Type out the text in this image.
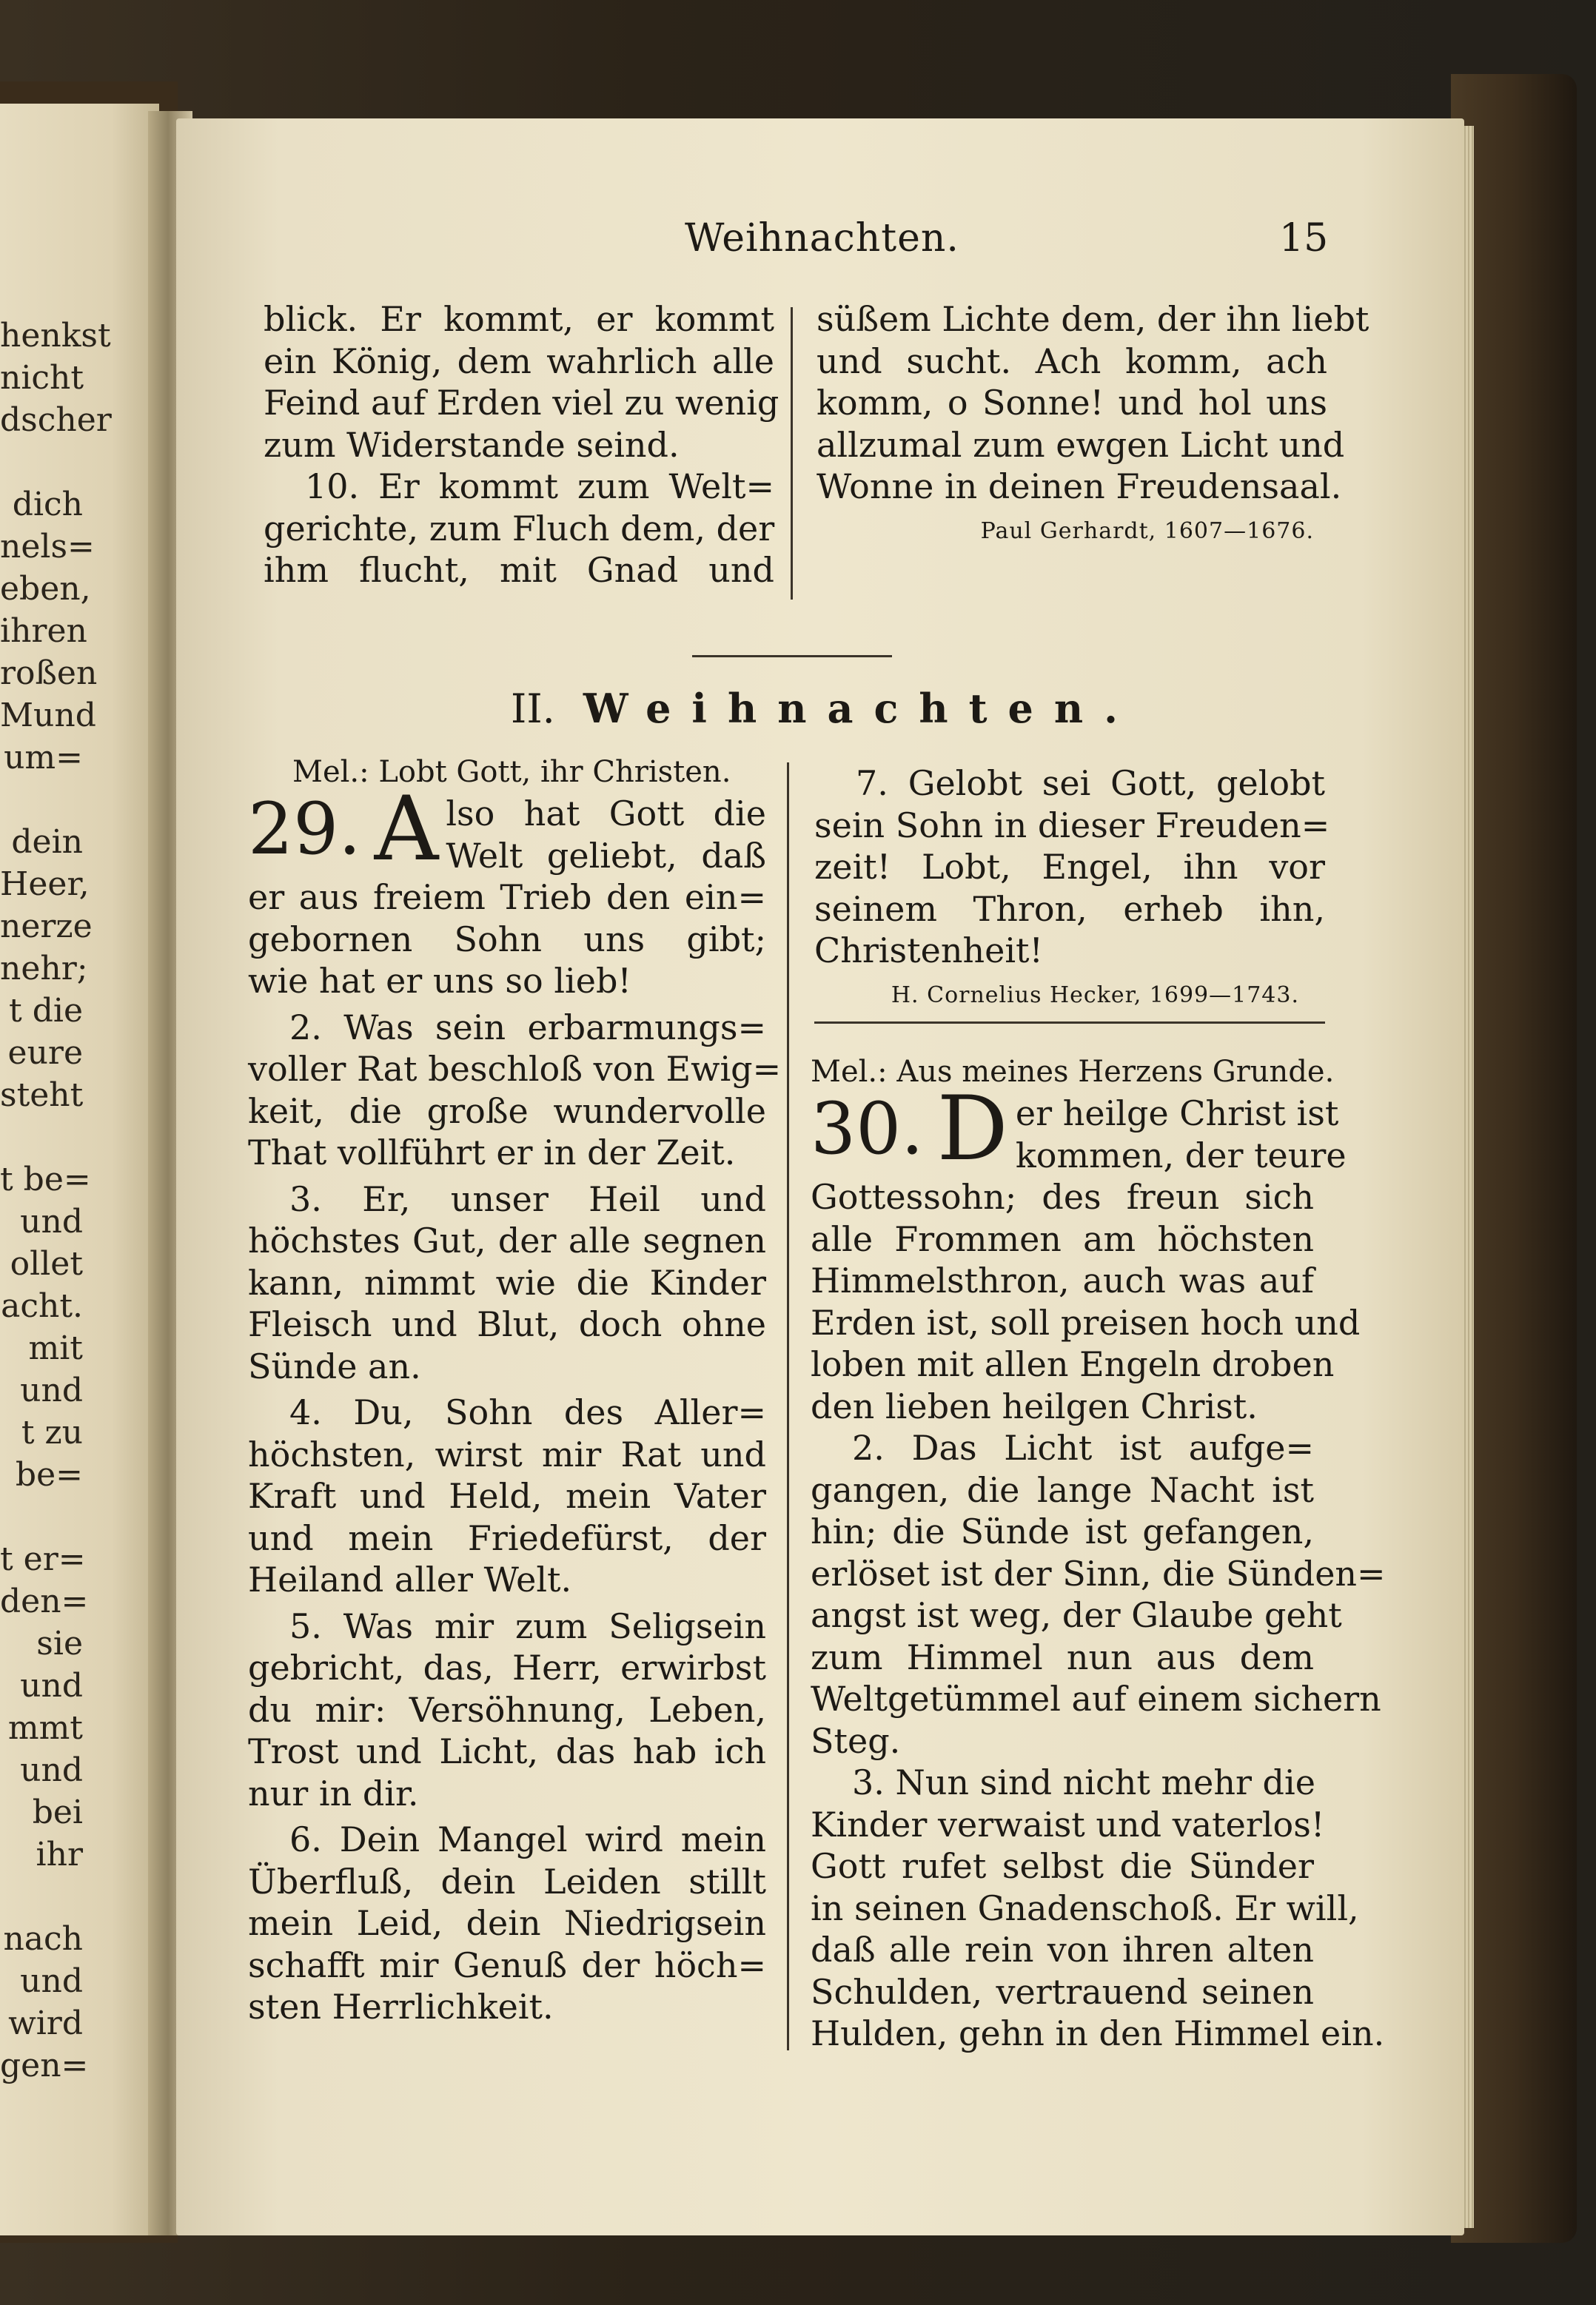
henkst
nicht
dscher
dich
nels=
eben,
ihren
roßen
Mund
um=
dein
Heer,
nerze
nehr;
t die
eure
steht
t be=
und
ollet
acht.
mit
und
t zu
be=
t er=
den=
sie
und
mmt
und
bei
ihr
nach
und
wird
gen=
Weihnachten.	15
blick. Er kommt, er kommt
ein König, dem wahrlich alle
Feind auf Erden viel zu wenig
zum Widerstande seind.
10. Er kommt zum Welt=
gerichte, zum Fluch dem, der
ihm flucht, mit Gnad und
süßem Lichte dem, der ihn liebt
und sucht. Ach komm, ach
komm, o Sonne! und hol uns
allzumal zum ewgen Licht und
Wonne in deinen Freudensaal.
Paul Gerhardt, 1607—1676.
II. Weihnachten.
Mel.: Lobt Gott, ihr Christen.
29. A lso hat Gott die
Welt geliebt, daß
er aus freiem Trieb den ein=
gebornen Sohn uns gibt;
wie hat er uns so lieb!
2. Was sein erbarmungs=
voller Rat beschloß von Ewig=
keit, die große wundervolle
That vollführt er in der Zeit.
3. Er, unser Heil und
höchstes Gut, der alle segnen
kann, nimmt wie die Kinder
Fleisch und Blut, doch ohne
Sünde an.
4. Du, Sohn des Aller=
höchsten, wirst mir Rat und
Kraft und Held, mein Vater
und mein Friedefürst, der
Heiland aller Welt.
5. Was mir zum Seligsein
gebricht, das, Herr, erwirbst
du mir: Versöhnung, Leben,
Trost und Licht, das hab ich
nur in dir.
6. Dein Mangel wird mein
Überfluß, dein Leiden stillt
mein Leid, dein Niedrigsein
schafft mir Genuß der höch=
sten Herrlichkeit.
7. Gelobt sei Gott, gelobt
sein Sohn in dieser Freuden=
zeit! Lobt, Engel, ihn vor
seinem Thron, erheb ihn,
Christenheit!
H. Cornelius Hecker, 1699—1743.
Mel.: Aus meines Herzens Grunde.
30. D er heilge Christ ist
kommen, der teure
Gottessohn; des freun sich
alle Frommen am höchsten
Himmelsthron, auch was auf
Erden ist, soll preisen hoch und
loben mit allen Engeln droben
den lieben heilgen Christ.
2. Das Licht ist aufge=
gangen, die lange Nacht ist
hin; die Sünde ist gefangen,
erlöset ist der Sinn, die Sünden=
angst ist weg, der Glaube geht
zum Himmel nun aus dem
Weltgetümmel auf einem sichern
Steg.
3. Nun sind nicht mehr die
Kinder verwaist und vaterlos!
Gott rufet selbst die Sünder
in seinen Gnadenschoß. Er will,
daß alle rein von ihren alten
Schulden, vertrauend seinen
Hulden, gehn in den Himmel ein.
